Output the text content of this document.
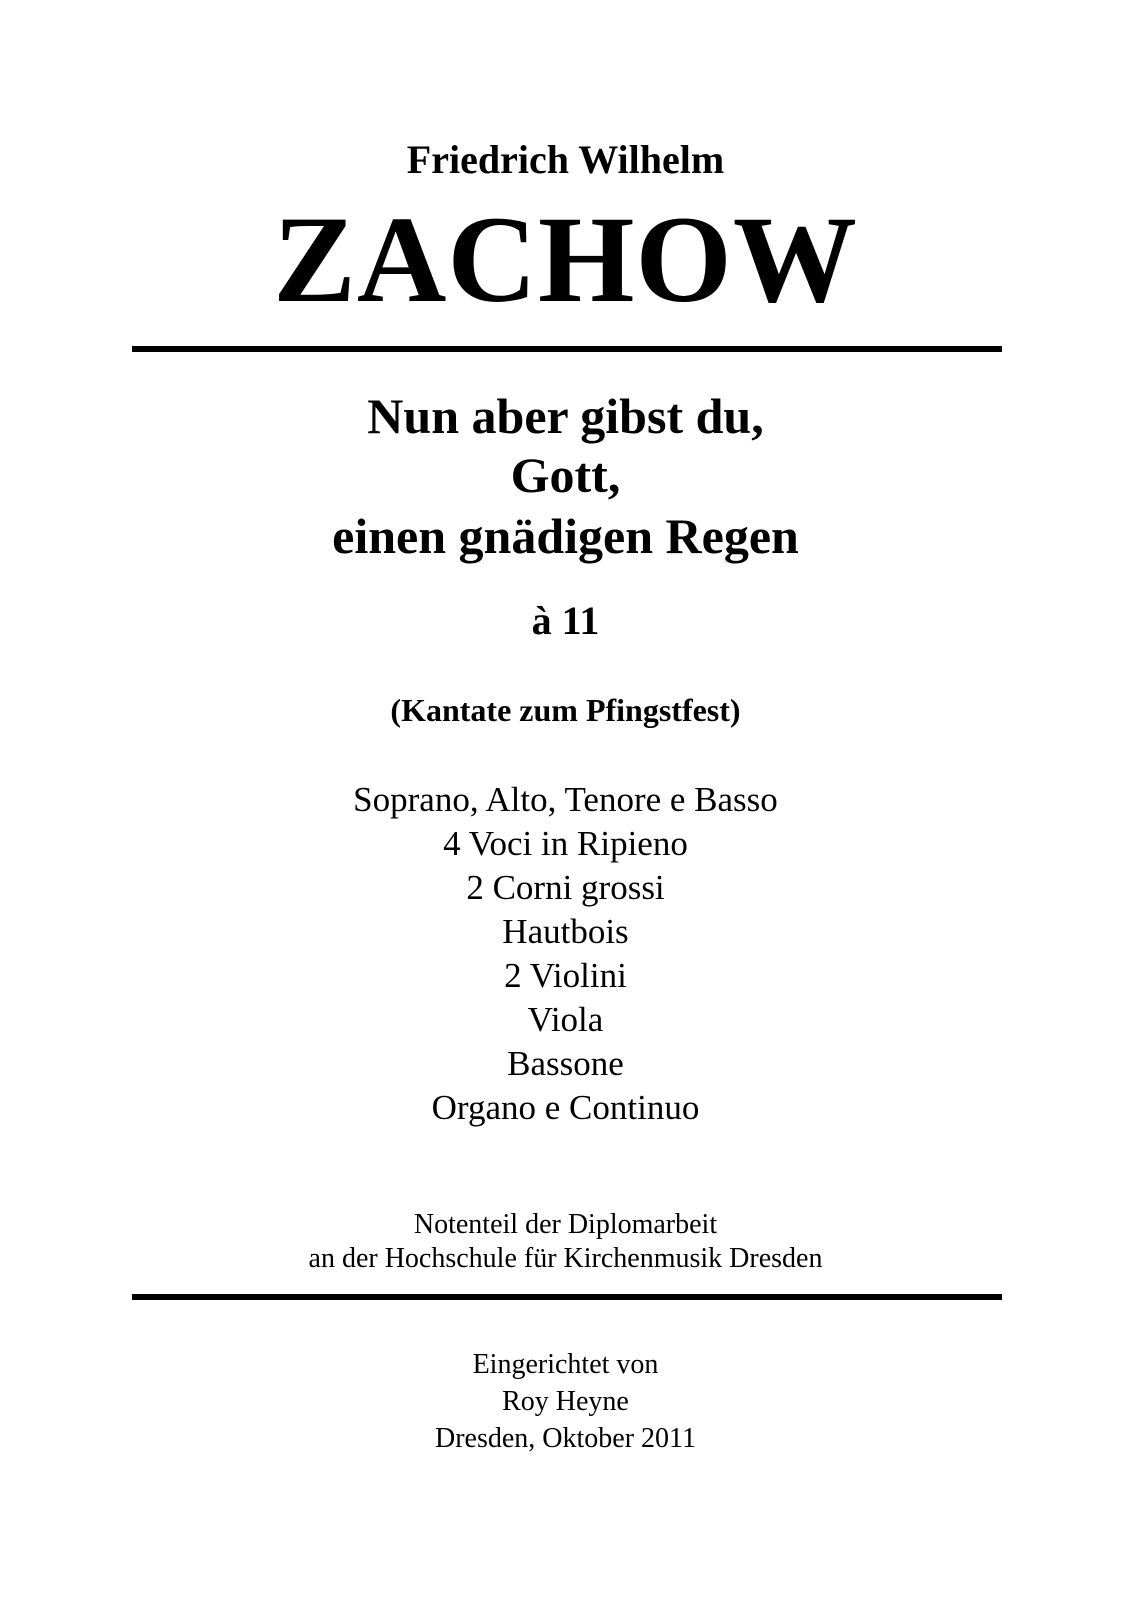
Friedrich Wilhelm
ZACHOW
Nun aber gibst du,
Gott,
einen gnädigen Regen
à 11
(Kantate zum Pfingstfest)
Soprano, Alto, Tenore e Basso
4 Voci in Ripieno
2 Corni grossi
Hautbois
2 Violini
Viola
Bassone
Organo e Continuo
Notenteil der Diplomarbeit
an der Hochschule für Kirchenmusik Dresden
Eingerichtet von
Roy Heyne
Dresden, Oktober 2011
